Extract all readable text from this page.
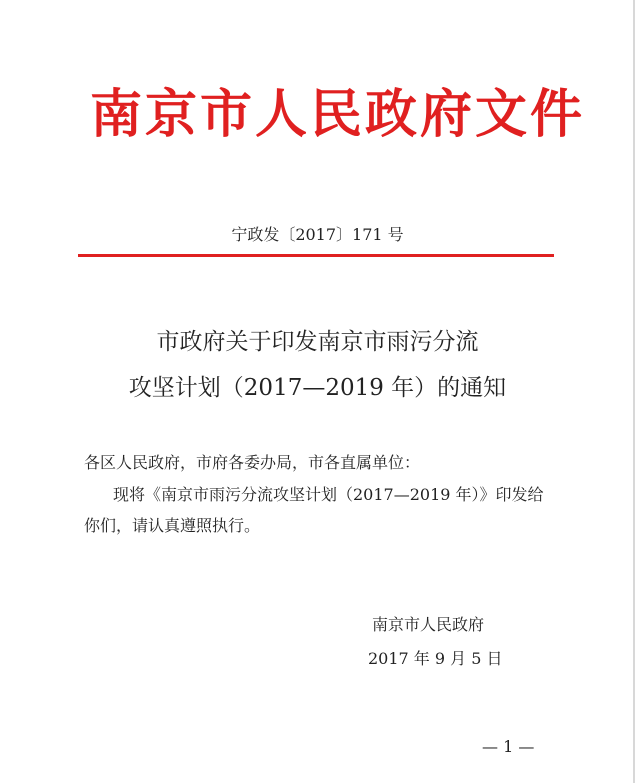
南京市人民政府文件
宁政发〔2017〕171 号
市政府关于印发南京市雨污分流
攻坚计划（2017—2019 年）的通知
各区人民政府，市府各委办局，市各直属单位：
现将《南京市雨污分流攻坚计划（2017—2019 年）》印发给
你们，请认真遵照执行。
南京市人民政府
2017 年 9 月 5 日
— 1 —
